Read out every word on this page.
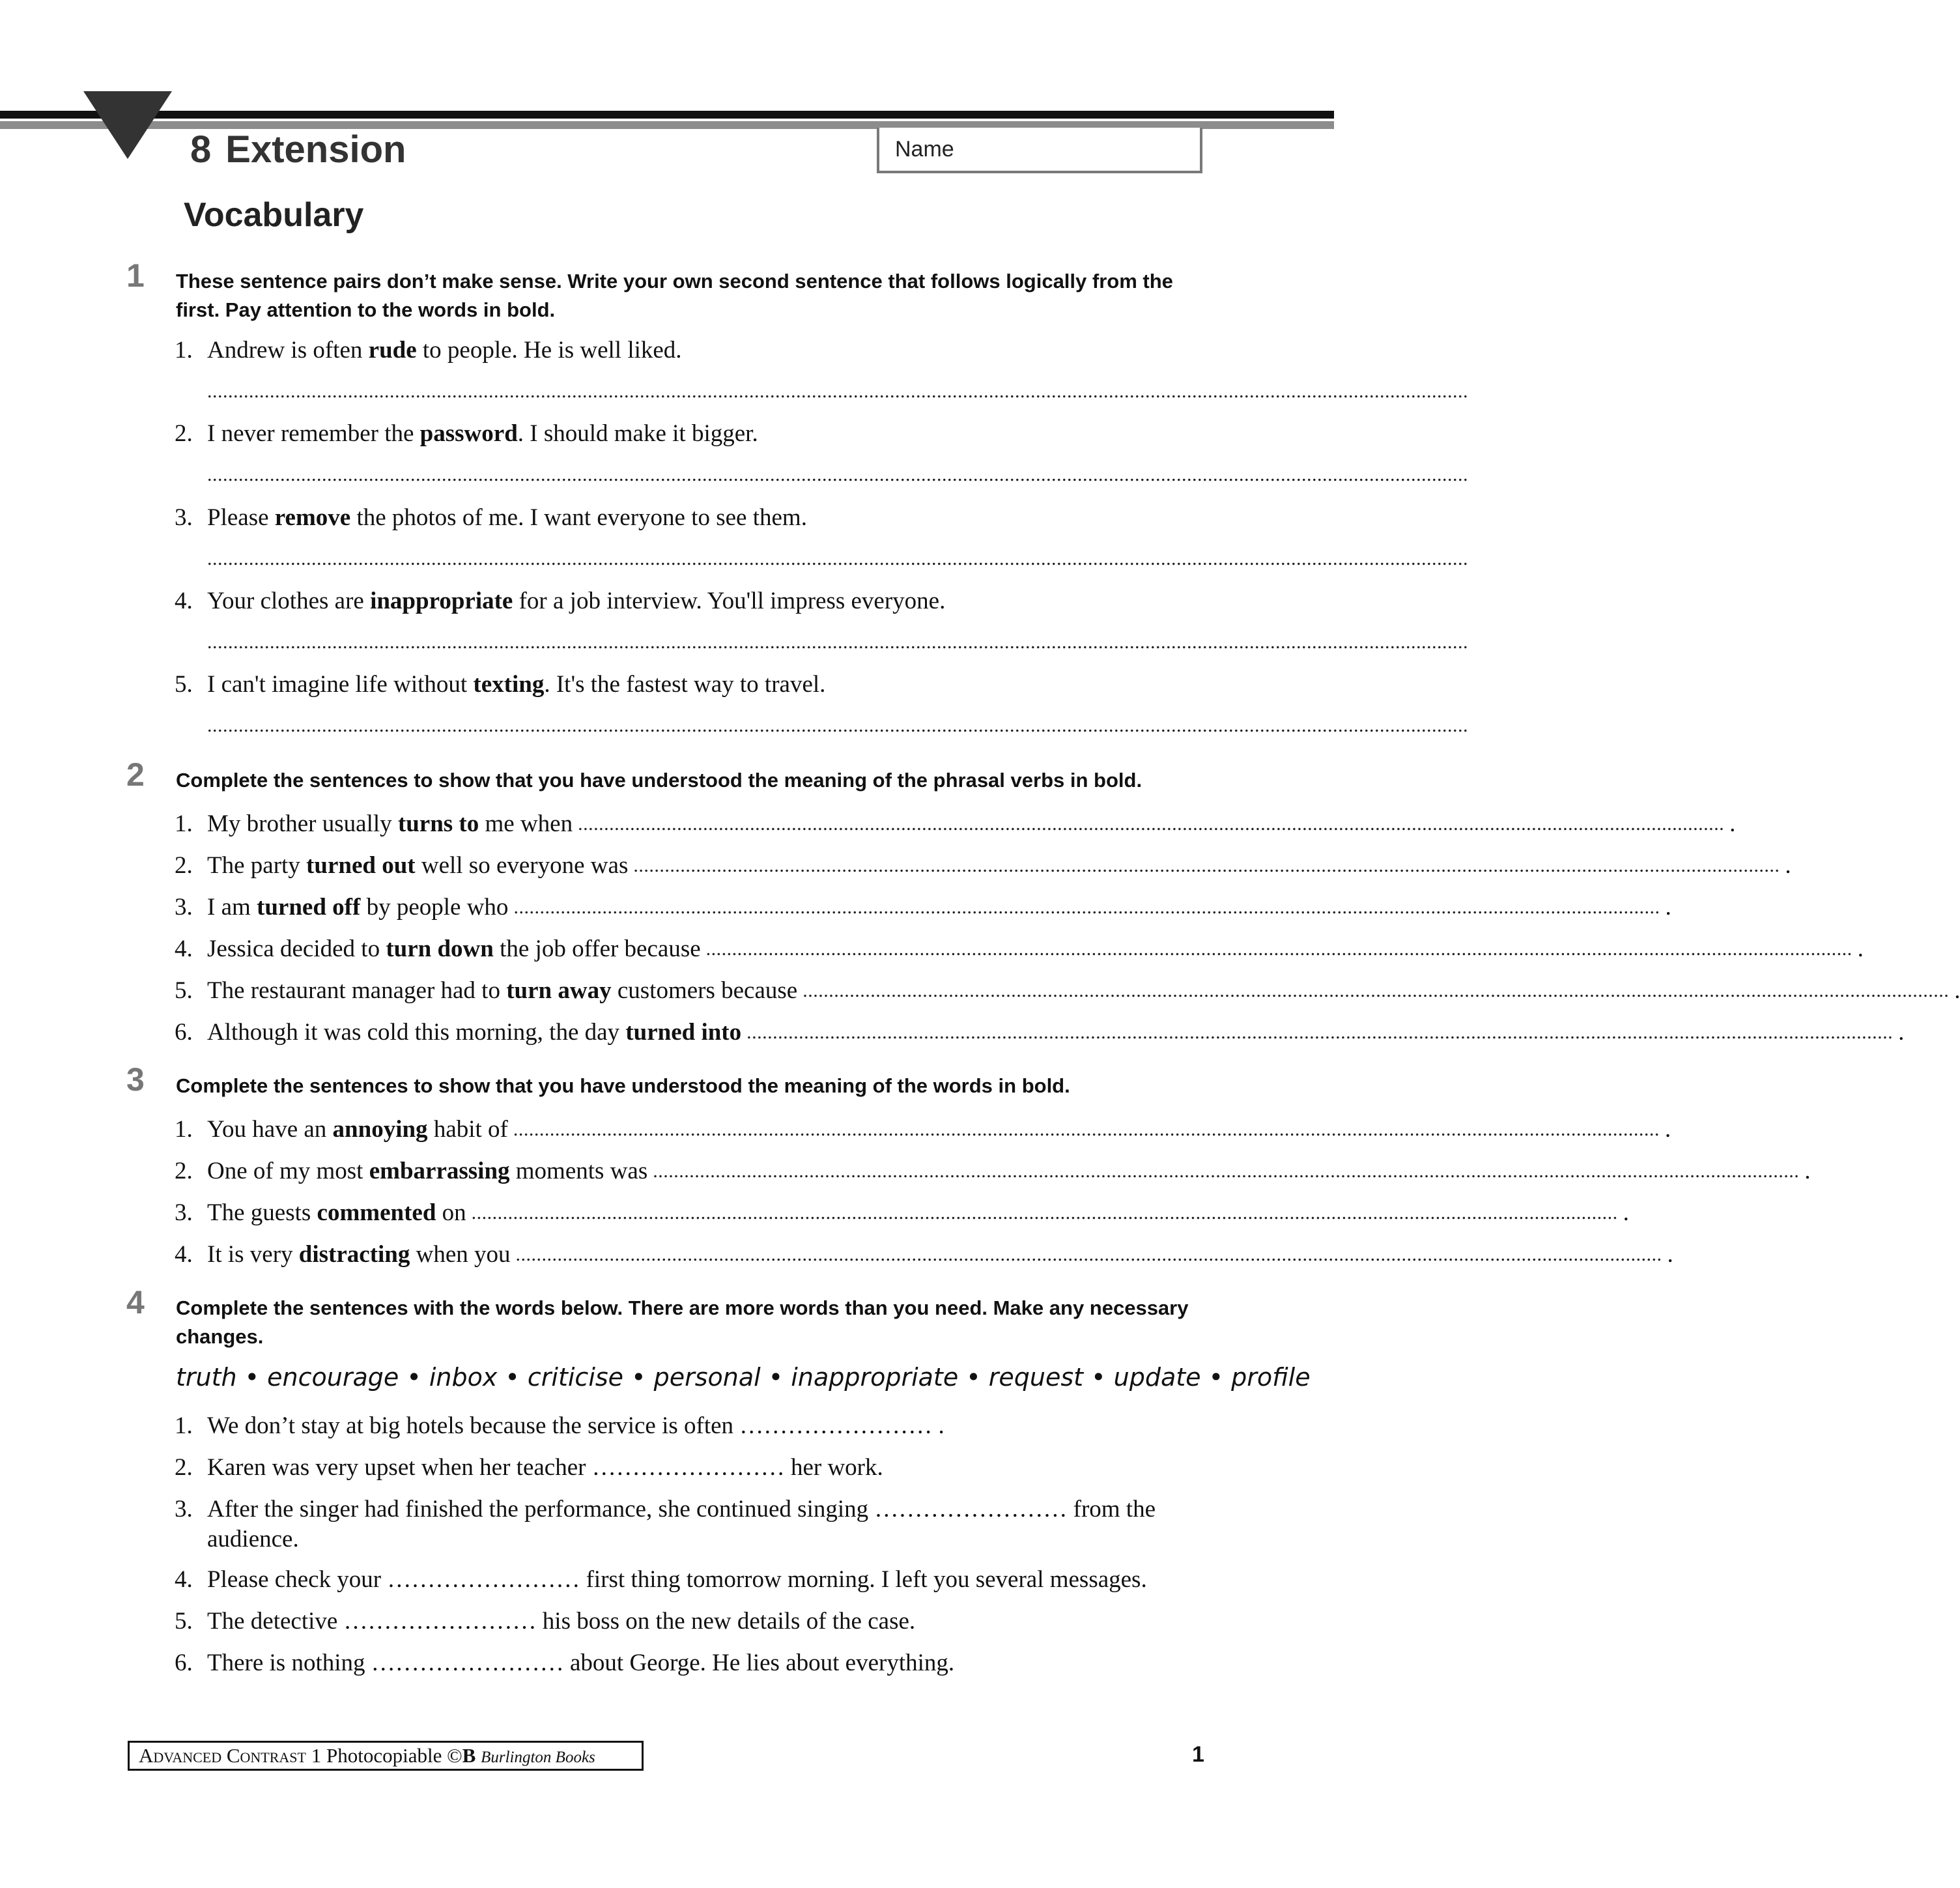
8 Extension	Name
Vocabulary
1 These sentence pairs don’t make sense. Write your own second sentence that follows logically from the first. Pay attention to the words in bold.
1. Andrew is often rude to people. He is well liked.
..................................................................................................................................................................................................................................................
2. I never remember the password. I should make it bigger.
..................................................................................................................................................................................................................................................
3. Please remove the photos of me. I want everyone to see them.
..................................................................................................................................................................................................................................................
4. Your clothes are inappropriate for a job interview. You'll impress everyone.
..................................................................................................................................................................................................................................................
5. I can't imagine life without texting. It's the fastest way to travel.
..................................................................................................................................................................................................................................................
2 Complete the sentences to show that you have understood the meaning of the phrasal verbs in bold.
1. My brother usually turns to me when ............................................................................................................................................................................................................................ .
2. The party turned out well so everyone was ............................................................................................................................................................................................................................ .
3. I am turned off by people who ............................................................................................................................................................................................................................ .
4. Jessica decided to turn down the job offer because ............................................................................................................................................................................................................................ .
5. The restaurant manager had to turn away customers because ............................................................................................................................................................................................................................ .
6. Although it was cold this morning, the day turned into ............................................................................................................................................................................................................................ .
3 Complete the sentences to show that you have understood the meaning of the words in bold.
1. You have an annoying habit of ............................................................................................................................................................................................................................ .
2. One of my most embarrassing moments was ............................................................................................................................................................................................................................ .
3. The guests commented on ............................................................................................................................................................................................................................ .
4. It is very distracting when you ............................................................................................................................................................................................................................ .
4 Complete the sentences with the words below. There are more words than you need. Make any necessary changes.
truth • encourage • inbox • criticise • personal • inappropriate • request • update • profile
1. We don’t stay at big hotels because the service is often …………………… .
2. Karen was very upset when her teacher …………………… her work.
3. After the singer had finished the performance, she continued singing …………………… from the
audience.
4. Please check your …………………… first thing tomorrow morning. I left you several messages.
5. The detective …………………… his boss on the new details of the case.
6. There is nothing …………………… about George. He lies about everything.
Advanced Contrast 1 Photocopiable ©B Burlington Books	1
